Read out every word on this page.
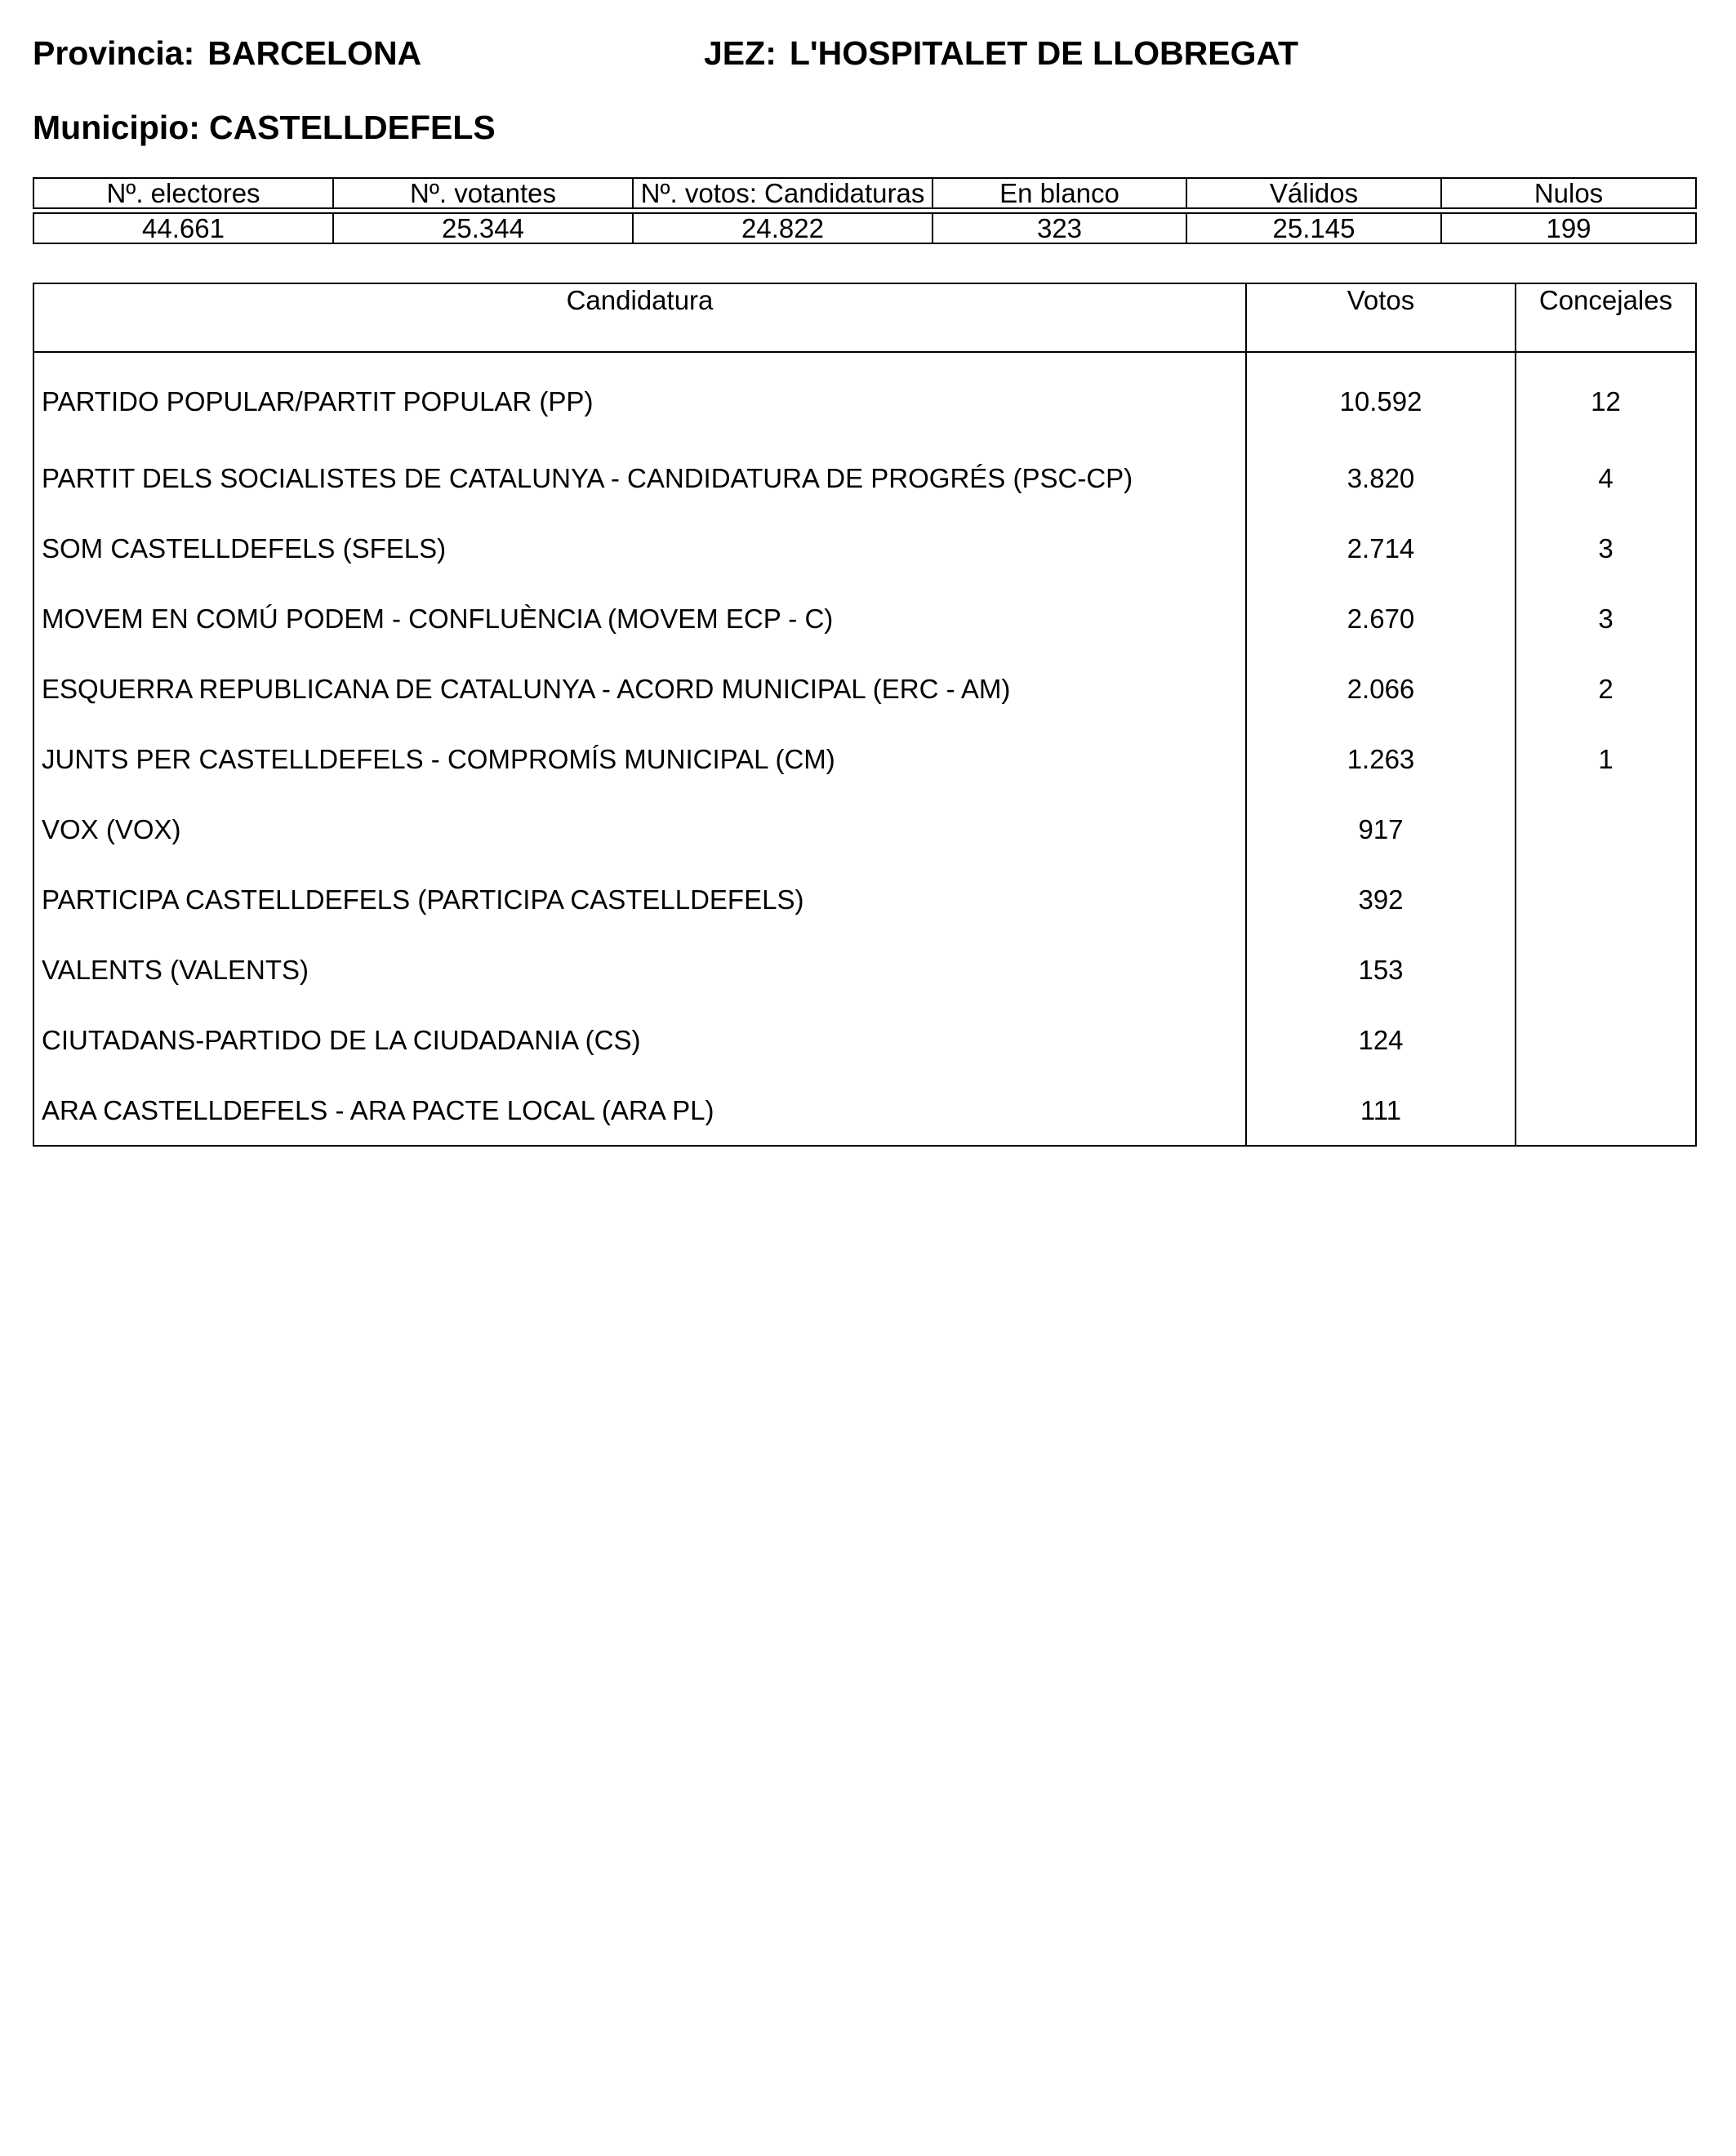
Provincia: BARCELONA	JEZ: L'HOSPITALET DE LLOBREGAT
Municipio: CASTELLDEFELS
Nº. electores	Nº. votantes	Nº. votos: Candidaturas	En blanco	Válidos	Nulos

44.661	25.344	24.822	323	25.145	199
Candidatura	Votos	Concejales
PARTIDO POPULAR/PARTIT POPULAR (PP)	10.592	12
PARTIT DELS SOCIALISTES DE CATALUNYA - CANDIDATURA DE PROGRÉS (PSC-CP)	3.820	4
SOM CASTELLDEFELS (SFELS)	2.714	3
MOVEM EN COMÚ PODEM - CONFLUÈNCIA (MOVEM ECP - C)	2.670	3
ESQUERRA REPUBLICANA DE CATALUNYA - ACORD MUNICIPAL (ERC - AM)	2.066	2
JUNTS PER CASTELLDEFELS - COMPROMÍS MUNICIPAL (CM)	1.263	1
VOX (VOX)	917	
PARTICIPA CASTELLDEFELS (PARTICIPA CASTELLDEFELS)	392	
VALENTS (VALENTS)	153	
CIUTADANS-PARTIDO DE LA CIUDADANIA (CS)	124	
ARA CASTELLDEFELS - ARA PACTE LOCAL (ARA PL)	111	
